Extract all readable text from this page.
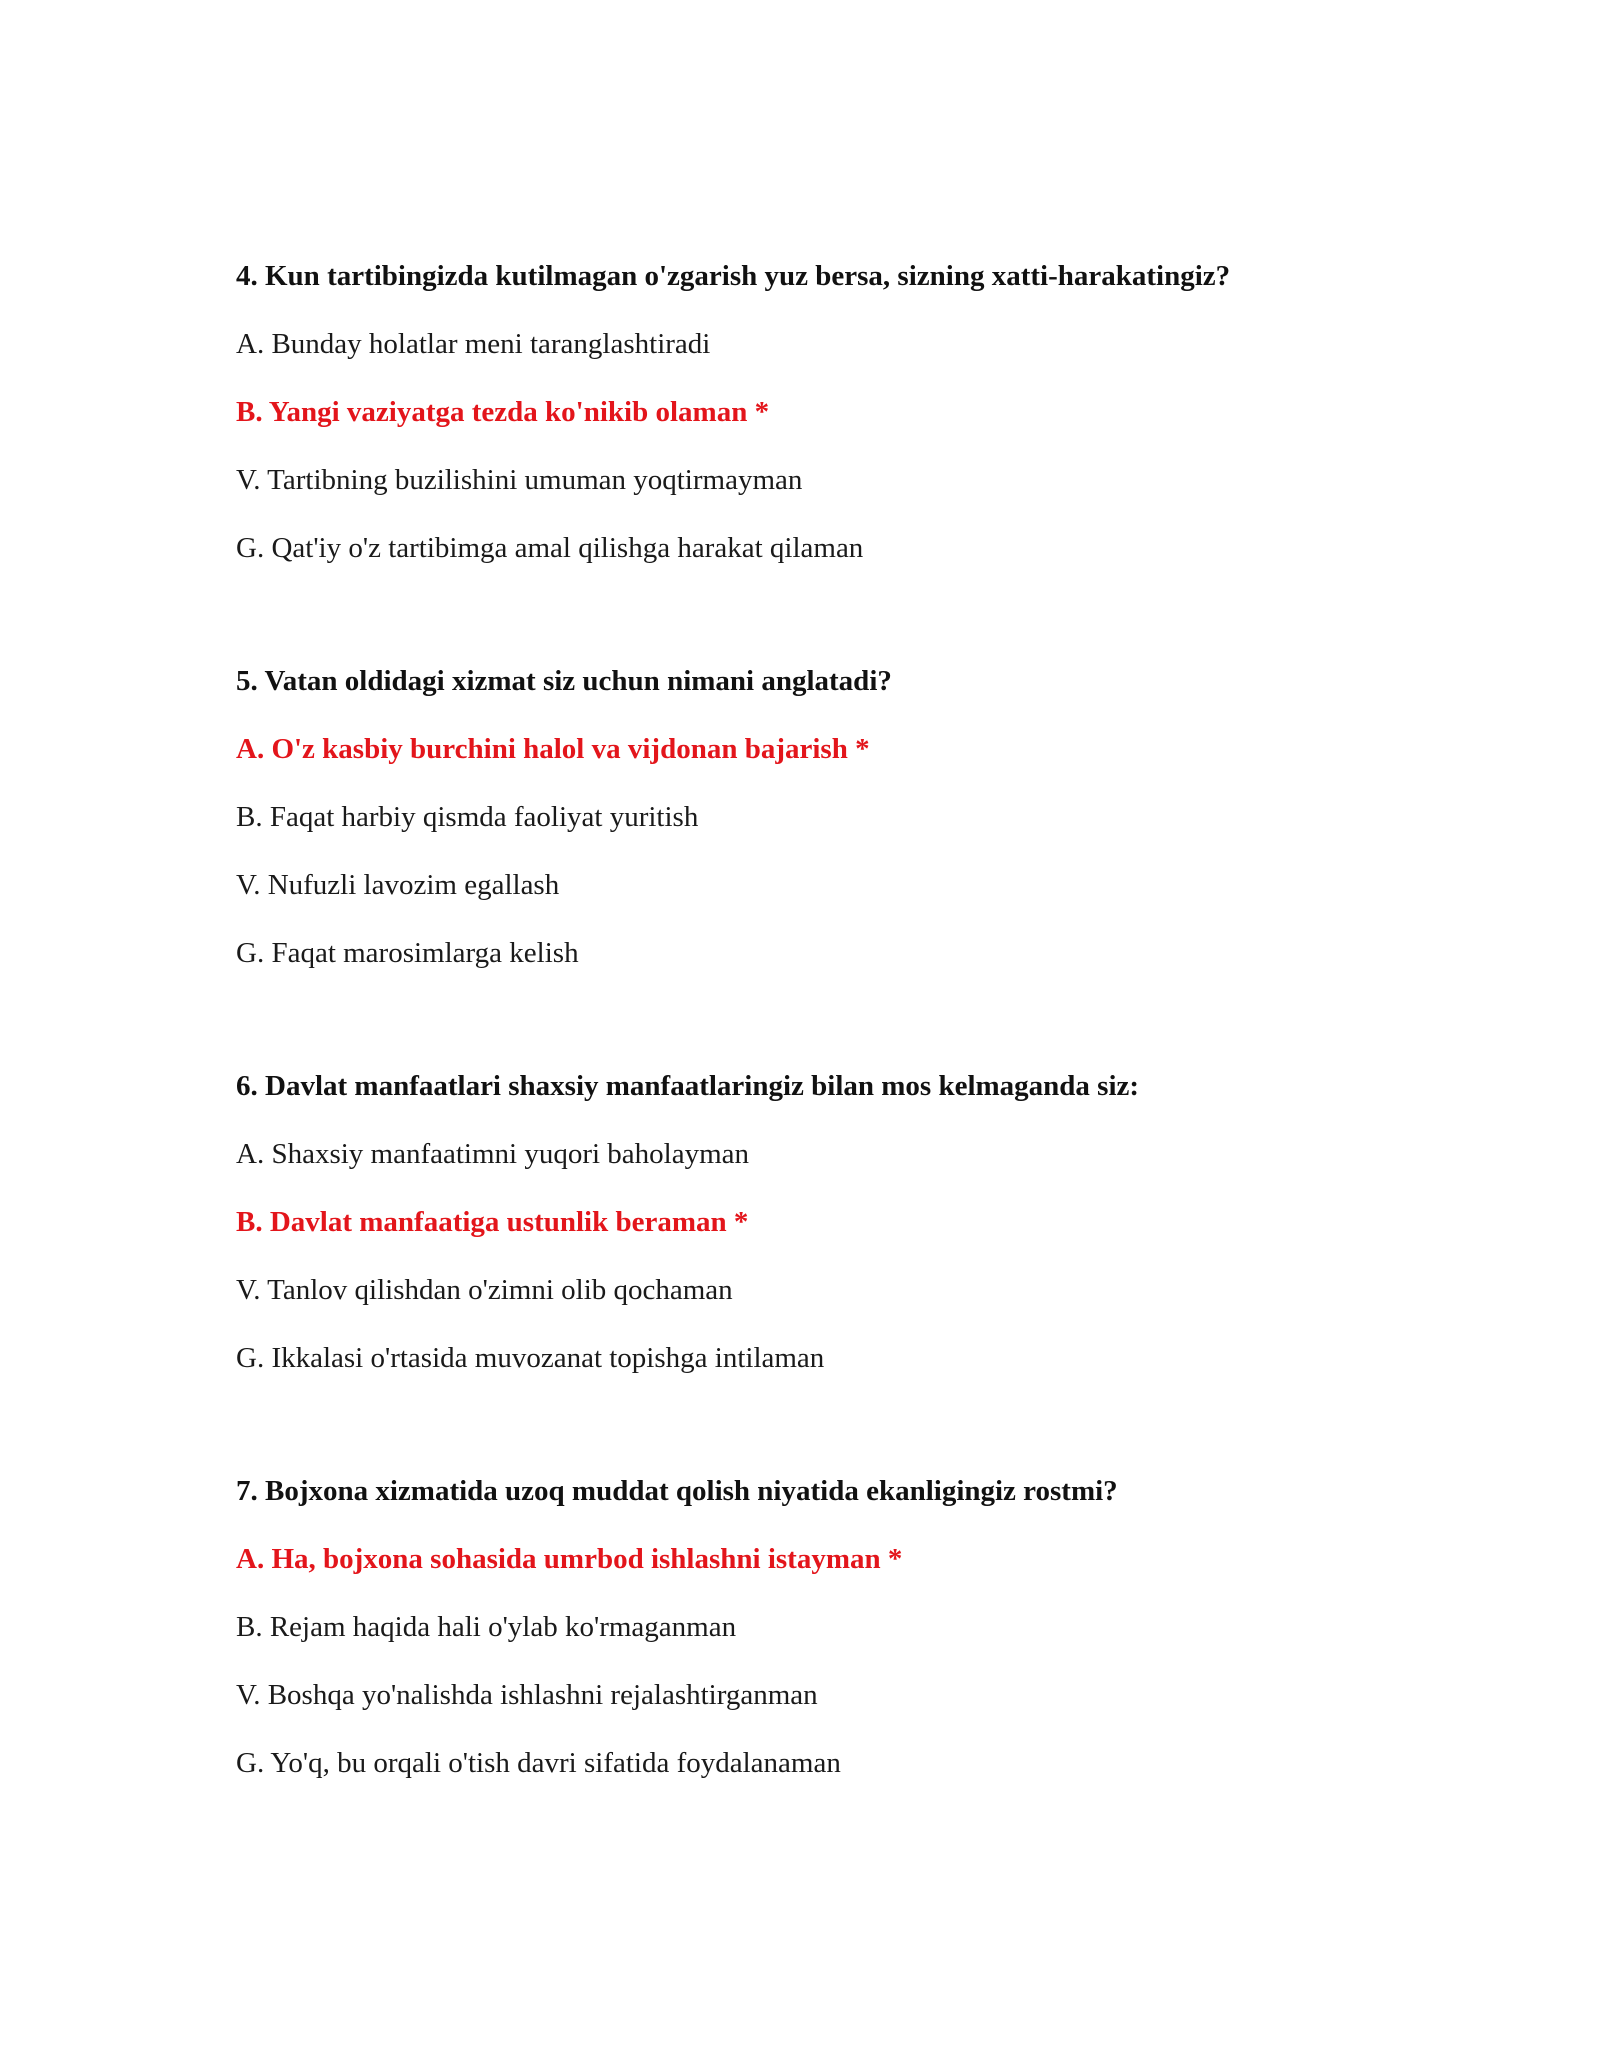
4. Kun tartibingizda kutilmagan o'zgarish yuz bersa, sizning xatti-harakatingiz?
A. Bunday holatlar meni taranglashtiradi
B. Yangi vaziyatga tezda ko'nikib olaman *
V. Tartibning buzilishini umuman yoqtirmayman
G. Qat'iy o'z tartibimga amal qilishga harakat qilaman
5. Vatan oldidagi xizmat siz uchun nimani anglatadi?
A. O'z kasbiy burchini halol va vijdonan bajarish *
B. Faqat harbiy qismda faoliyat yuritish
V. Nufuzli lavozim egallash
G. Faqat marosimlarga kelish
6. Davlat manfaatlari shaxsiy manfaatlaringiz bilan mos kelmaganda siz:
A. Shaxsiy manfaatimni yuqori baholayman
B. Davlat manfaatiga ustunlik beraman *
V. Tanlov qilishdan o'zimni olib qochaman
G. Ikkalasi o'rtasida muvozanat topishga intilaman
7. Bojxona xizmatida uzoq muddat qolish niyatida ekanligingiz rostmi?
A. Ha, bojxona sohasida umrbod ishlashni istayman *
B. Rejam haqida hali o'ylab ko'rmaganman
V. Boshqa yo'nalishda ishlashni rejalashtirganman
G. Yo'q, bu orqali o'tish davri sifatida foydalanaman
